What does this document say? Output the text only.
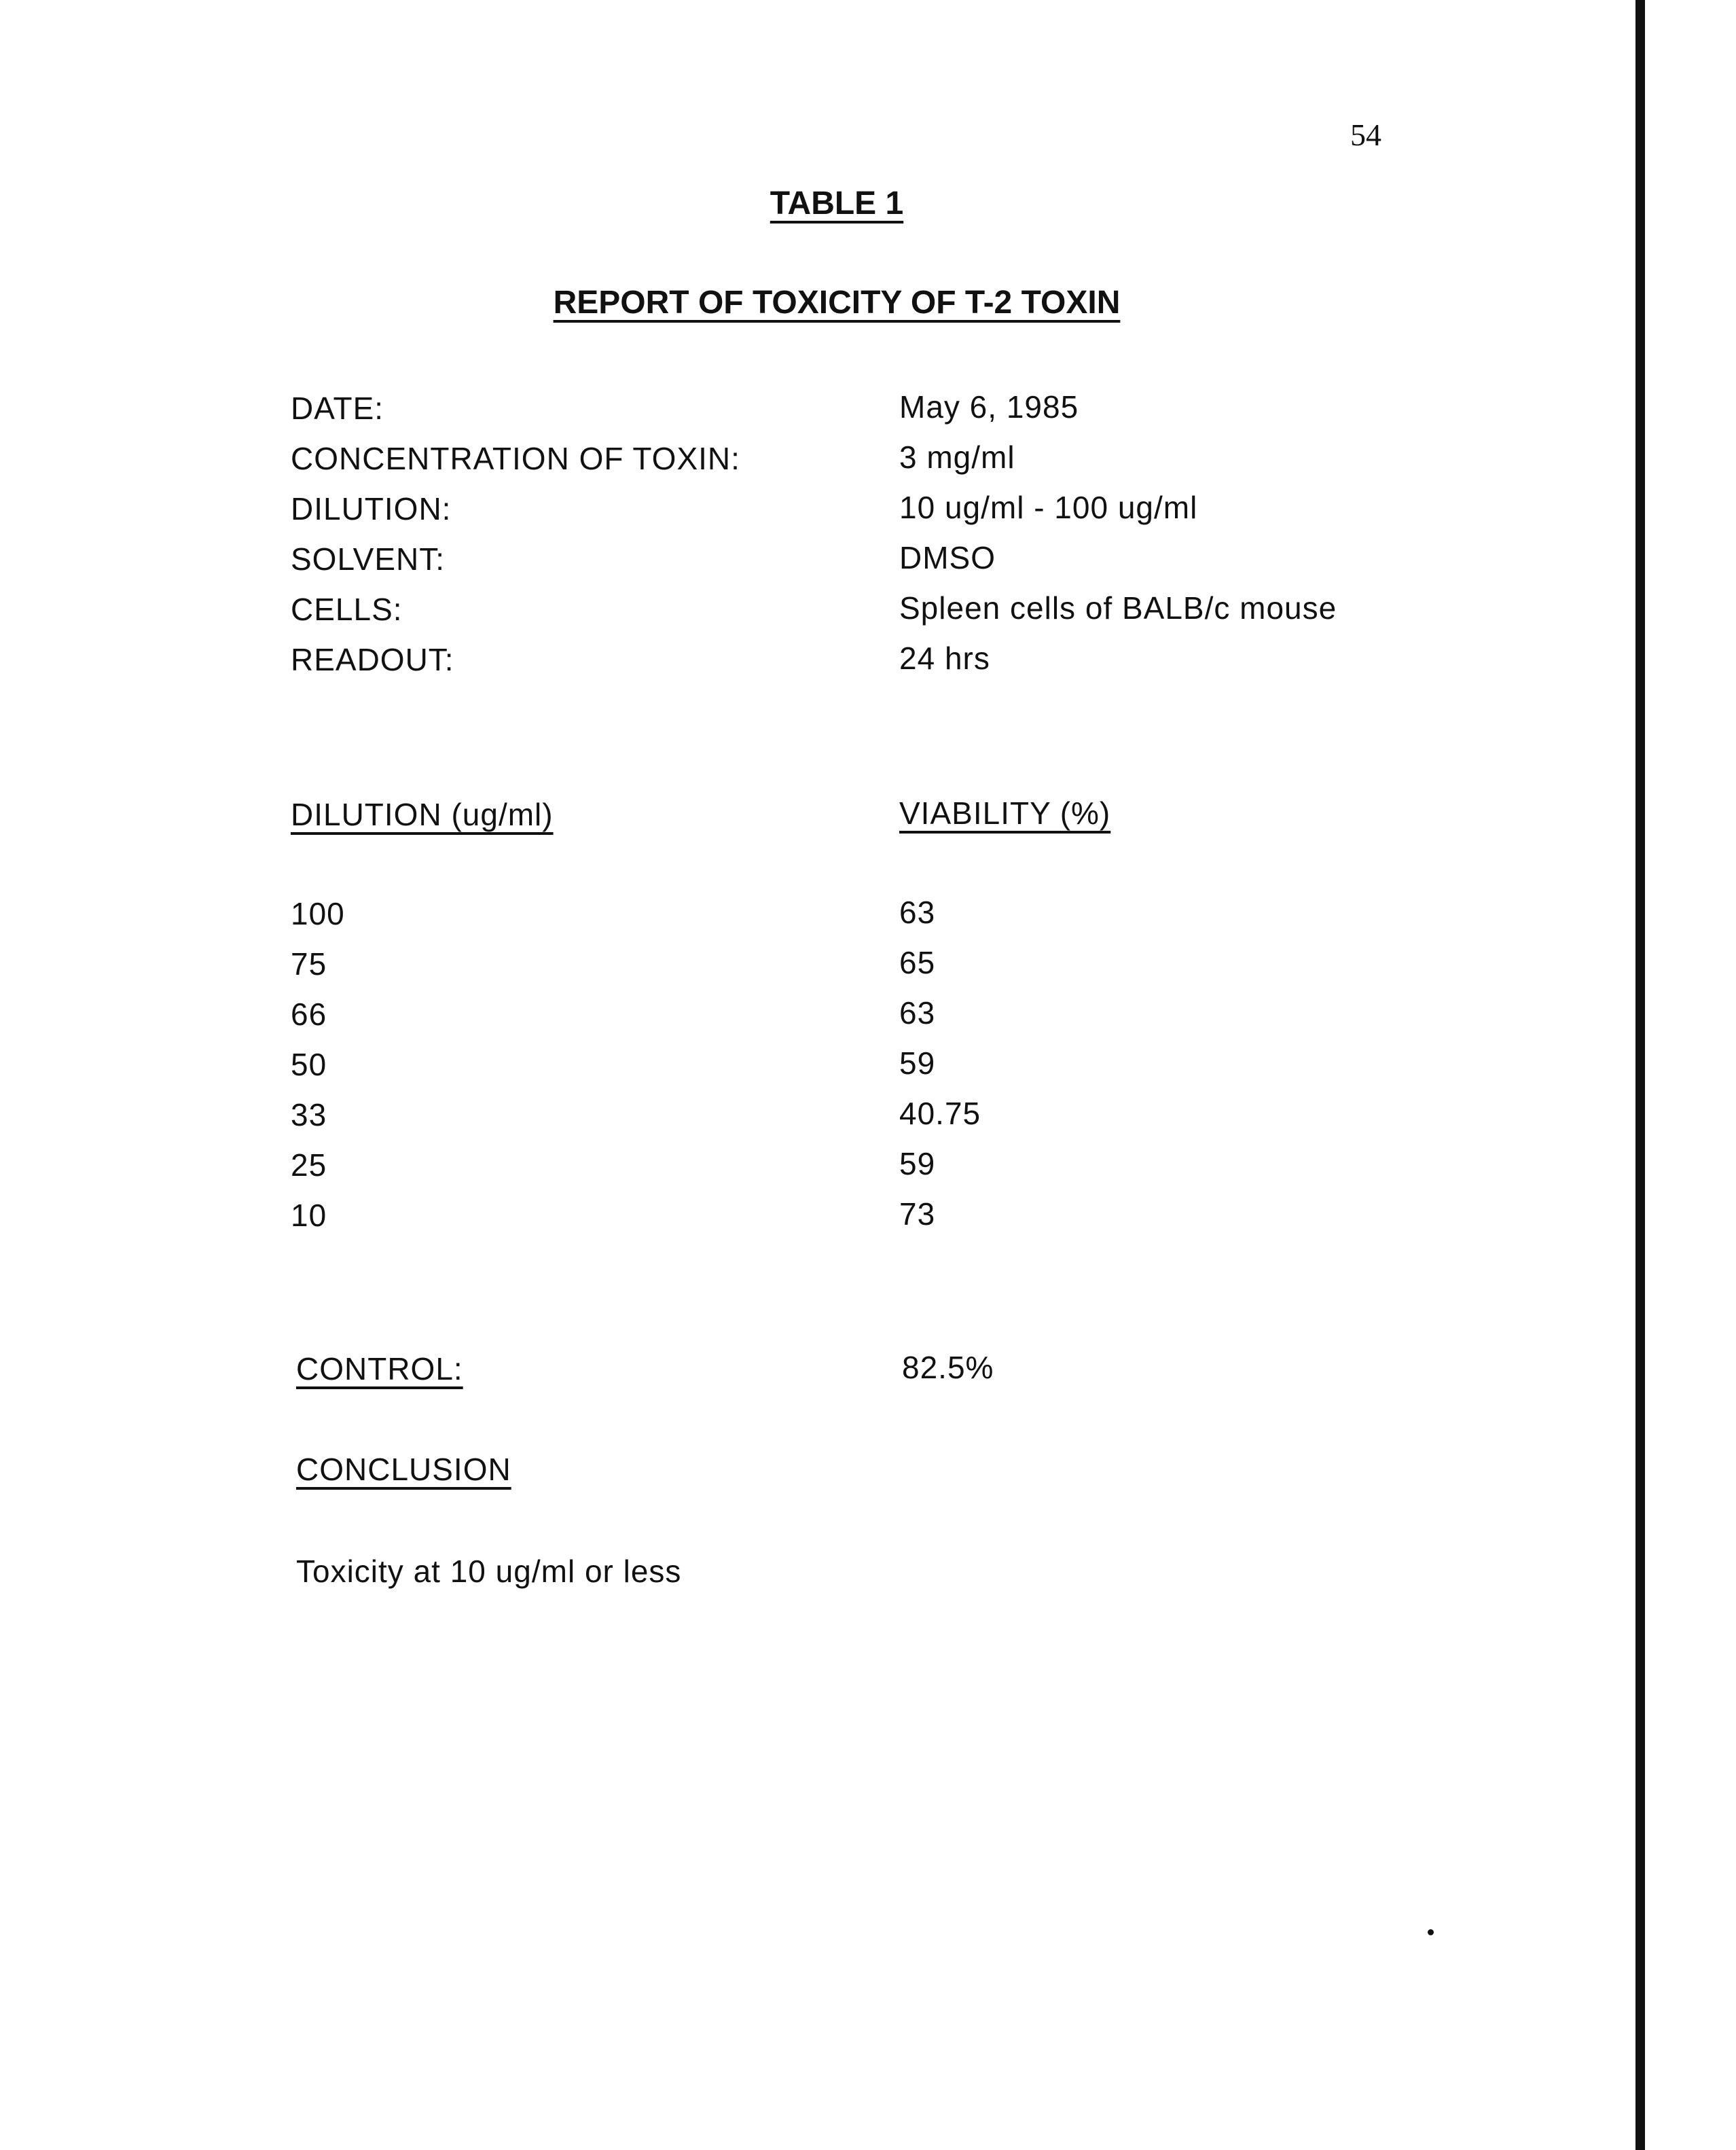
54
TABLE 1
REPORT OF TOXICITY OF T-2 TOXIN
DATE:	May 6, 1985
CONCENTRATION OF TOXIN:	3 mg/ml
DILUTION:	10 ug/ml - 100 ug/ml
SOLVENT:	DMSO
CELLS:	Spleen cells of BALB/c mouse
READOUT:	24 hrs
DILUTION (ug/ml)	VIABILITY (%)
100	63
75	65
66	63
50	59
33	40.75
25	59
10	73
CONTROL:	82.5%
CONCLUSION
Toxicity at 10 ug/ml or less
